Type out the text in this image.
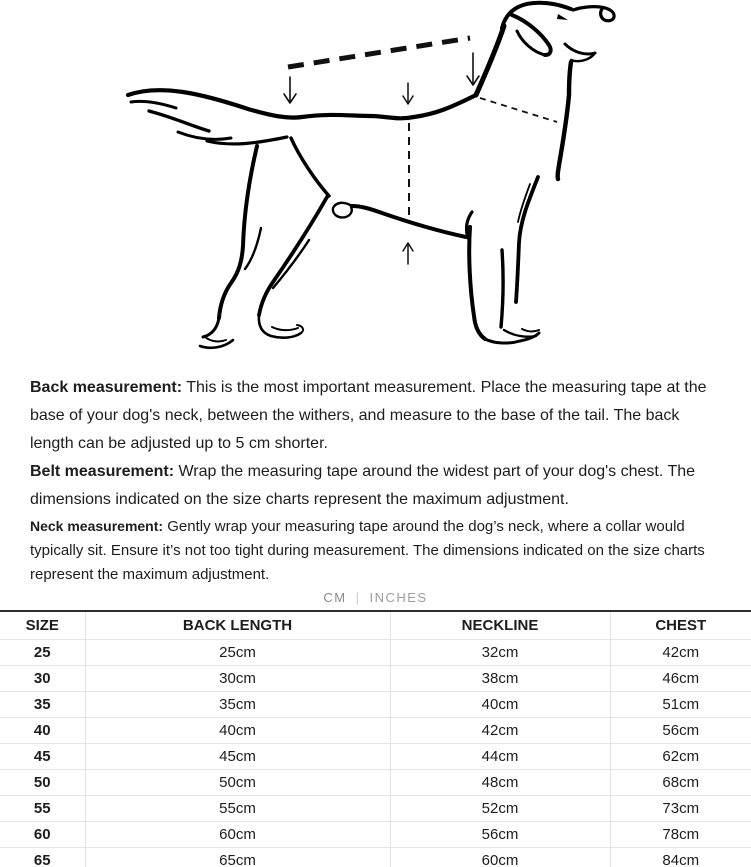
Back measurement: This is the most important measurement. Place the measuring tape at the base of your dog's neck, between the withers, and measure to the base of the tail. The back length can be adjusted up to 5 cm shorter.

Belt measurement: Wrap the measuring tape around the widest part of your dog's chest. The dimensions indicated on the size charts represent the maximum adjustment.

Neck measurement: Gently wrap your measuring tape around the dog’s neck, where a collar would typically sit. Ensure it’s not too tight during measurement. The dimensions indicated on the size charts represent the maximum adjustment.

CM | INCHES
SIZE	BACK LENGTH	NECKLINE	CHEST
25	25cm	32cm	42cm
30	30cm	38cm	46cm
35	35cm	40cm	51cm
40	40cm	42cm	56cm
45	45cm	44cm	62cm
50	50cm	48cm	68cm
55	55cm	52cm	73cm
60	60cm	56cm	78cm
65	65cm	60cm	84cm
